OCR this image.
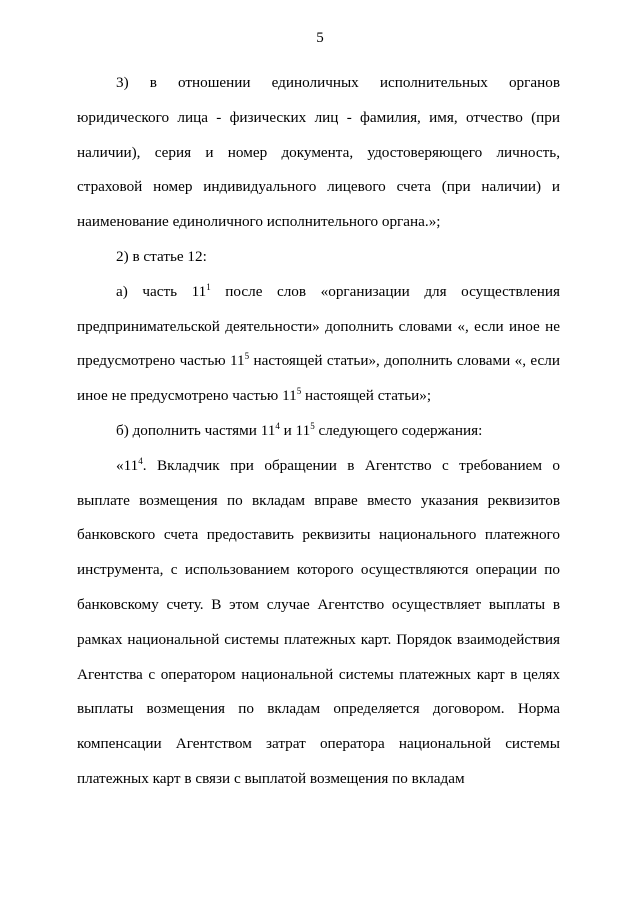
5

3) в отношении единоличных исполнительных органов юридического лица - физических лиц - фамилия, имя, отчество (при наличии), серия и номер документа, удостоверяющего личность, страховой номер индивидуального лицевого счета (при наличии) и наименование единоличного исполнительного органа.»;

2) в статье 12:

а) часть $11^1$ после слов «организации для осуществления предпринимательской деятельности» дополнить словами «, если иное не предусмотрено частью $11^5$ настоящей статьи», дополнить словами «, если иное не предусмотрено частью $11^5$ настоящей статьи»;

б) дополнить частями $11^4$ и $11^5$ следующего содержания:

«$11^4$. Вкладчик при обращении в Агентство с требованием о выплате возмещения по вкладам вправе вместо указания реквизитов банковского счета предоставить реквизиты национального платежного инструмента, с использованием которого осуществляются операции по банковскому счету. В этом случае Агентство осуществляет выплаты в рамках национальной системы платежных карт. Порядок взаимодействия Агентства с оператором национальной системы платежных карт в целях выплаты возмещения по вкладам определяется договором. Норма компенсации Агентством затрат оператора национальной системы платежных карт в связи с выплатой возмещения по вкладам
